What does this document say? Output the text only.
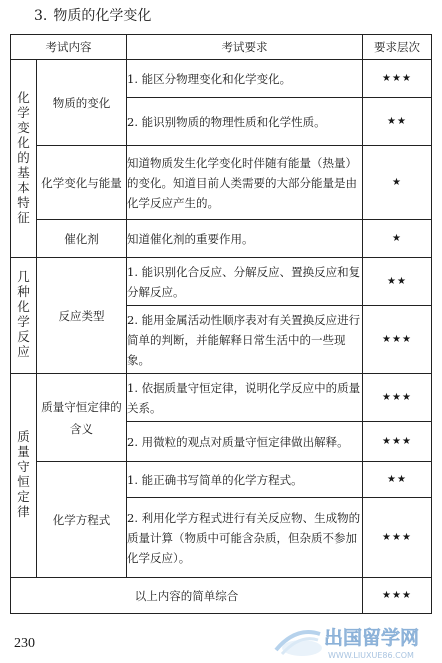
3. 物质的化学变化
考试内容		考试要求	要求层次
化学变化的基本特征	物质的变化	1. 能区分物理变化和化学变化。	★★★
		2. 能识别物质的物理性质和化学性质。	★★
	化学变化与能量	知道物质发生化学变化时伴随有能量（热量）的变化。知道目前人类需要的大部分能量是由化学反应产生的。	★
	催化剂	知道催化剂的重要作用。	★
几种化学反应	反应类型	1. 能识别化合反应、分解反应、置换反应和复分解反应。	★★
		2. 能用金属活动性顺序表对有关置换反应进行简单的判断，并能解释日常生活中的一些现象。	★★★
质量守恒定律	质量守恒定律的含义	1. 依据质量守恒定律，说明化学反应中的质量关系。	★★★
		2. 用微粒的观点对质量守恒定律做出解释。	★★★
	化学方程式	1. 能正确书写简单的化学方程式。	★★
		2. 利用化学方程式进行有关反应物、生成物的质量计算（物质中可能含杂质，但杂质不参加化学反应）。	★★★
以上内容的简单综合			★★★
230	出国留学网
WWW.LIUXUE86.COM
